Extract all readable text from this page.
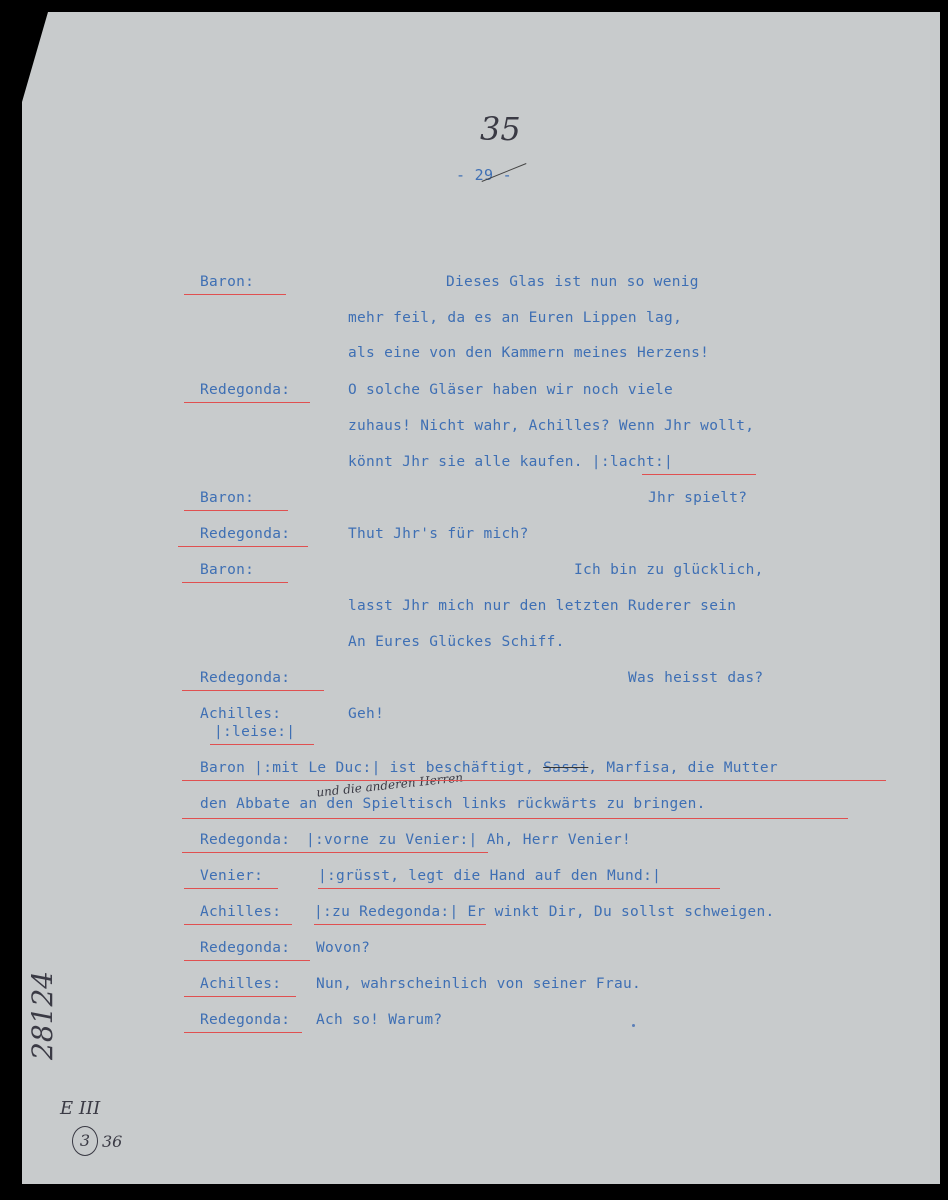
35
- 29 -
Baron:	Dieses Glas ist nun so wenig
mehr feil, da es an Euren Lippen lag,
als eine von den Kammern meines Herzens!
Redegonda:	O solche Gläser haben wir noch viele
zuhaus! Nicht wahr, Achilles? Wenn Jhr wollt,
könnt Jhr sie alle kaufen. |:lacht:|
Baron:	Jhr spielt?
Redegonda:	Thut Jhr's für mich?
Baron:	Ich bin zu glücklich,
lasst Jhr mich nur den letzten Ruderer sein
An Eures Glückes Schiff.
Redegonda:	Was heisst das?
Achilles:	Geh!
|:leise:|
und die anderen Herren
Baron |:mit Le Duc:| ist beschäftigt, Sassi, Marfisa, die Mutter
den Abbate an den Spieltisch links rückwärts zu bringen.
Redegonda: |:vorne zu Venier:| Ah, Herr Venier!
Venier:	|:grüsst, legt die Hand auf den Mund:|
Achilles: |:zu Redegonda:| Er winkt Dir, Du sollst schweigen.
Redegonda: Wovon?
Achilles: Nun, wahrscheinlich von seiner Frau.
Redegonda: Ach so! Warum?
28124
E III
3 36
